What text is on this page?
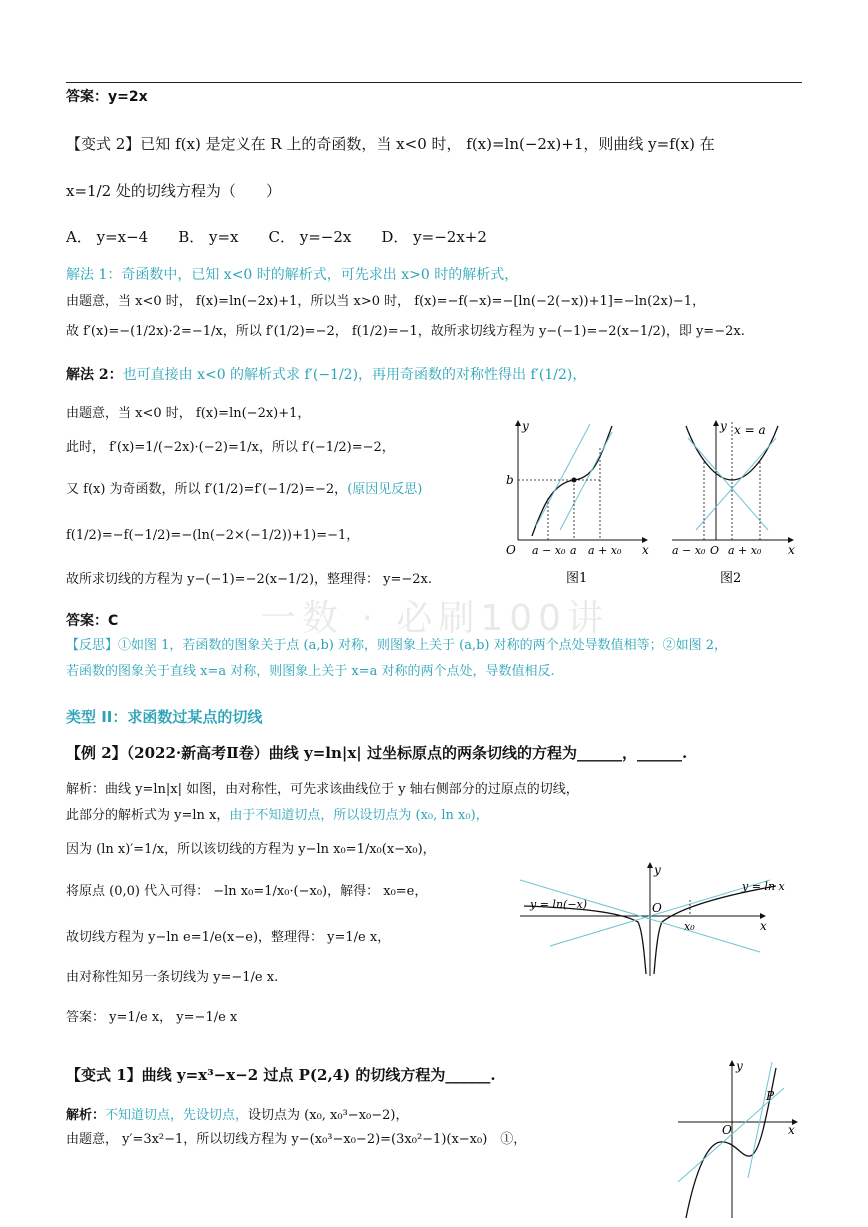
答案：y=2x
【变式 2】已知 f(x) 是定义在 R 上的奇函数，当 x<0 时， f(x)=ln(−2x)+1，则曲线 y=f(x) 在
x=1/2 处的切线方程为（　　）
A． y=x−4　　B． y=x　　C． y=−2x　　D． y=−2x+2
解法 1：奇函数中，已知 x<0 时的解析式，可先求出 x>0 时的解析式，
由题意，当 x<0 时， f(x)=ln(−2x)+1，所以当 x>0 时， f(x)=−f(−x)=−[ln(−2(−x))+1]=−ln(2x)−1，
故 f′(x)=−(1/2x)·2=−1/x，所以 f′(1/2)=−2， f(1/2)=−1，故所求切线方程为 y−(−1)=−2(x−1/2)，即 y=−2x.
解法 2：也可直接由 x<0 的解析式求 f′(−1/2)，再用奇函数的对称性得出 f′(1/2)，
由题意，当 x<0 时， f(x)=ln(−2x)+1，
此时， f′(x)=1/(−2x)·(−2)=1/x，所以 f′(−1/2)=−2，
又 f(x) 为奇函数，所以 f′(1/2)=f′(−1/2)=−2，(原因见反思)
f(1/2)=−f(−1/2)=−(ln(−2×(−1/2))+1)=−1，
故所求切线的方程为 y−(−1)=−2(x−1/2)，整理得： y=−2x.
答案：C
【反思】①如图 1，若函数的图象关于点 (a,b) 对称，则图象上关于 (a,b) 对称的两个点处导数值相等；②如图 2，
若函数的图象关于直线 x=a 对称，则图象上关于 x=a 对称的两个点处，导数值相反.
一数 · 必刷100讲
类型 II：求函数过某点的切线
【例 2】（2022·新高考Ⅱ卷）曲线 y=ln|x| 过坐标原点的两条切线的方程为______，______.
解析：曲线 y=ln|x| 如图，由对称性，可先求该曲线位于 y 轴右侧部分的过原点的切线，
此部分的解析式为 y=ln x，由于不知道切点，所以设切点为 (x₀, ln x₀)，
因为 (ln x)′=1/x，所以该切线的方程为 y−ln x₀=1/x₀(x−x₀)，
将原点 (0,0) 代入可得： −ln x₀=1/x₀·(−x₀)，解得： x₀=e，
故切线方程为 y−ln e=1/e(x−e)，整理得： y=1/e x，
由对称性知另一条切线为 y=−1/e x.
答案： y=1/e x， y=−1/e x
【变式 1】曲线 y=x³−x−2 过点 P(2,4) 的切线方程为______.
解析：不知道切点，先设切点，设切点为 (x₀, x₀³−x₀−2)，
由题意， y′=3x²−1，所以切线方程为 y−(x₀³−x₀−2)=(3x₀²−1)(x−x₀)　①，
y
x
O
b
a − x₀ a a + x₀
图1
y x = a
x
a − x₀ O a + x₀
图2
y
x
O
x₀
y = ln(−x)
y = ln x
y
x
O
P
